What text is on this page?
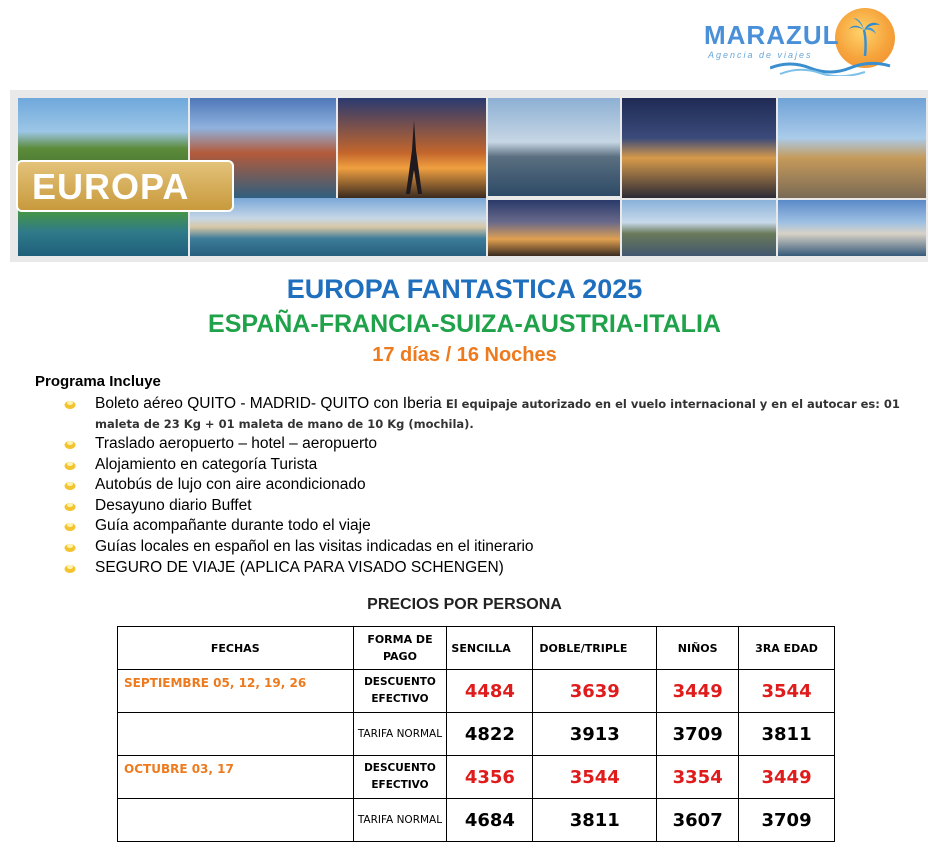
MARAZUL
Agencia de viajes
EUROPA
EUROPA FANTASTICA 2025
ESPAÑA-FRANCIA-SUIZA-AUSTRIA-ITALIA
17 días / 16 Noches
Programa Incluye
Boleto aéreo QUITO - MADRID- QUITO con Iberia El equipaje autorizado en el vuelo internacional y en el autocar es: 01 maleta de 23 Kg + 01 maleta de mano de 10 Kg (mochila).
Traslado aeropuerto – hotel – aeropuerto
Alojamiento en categoría Turista
Autobús de lujo con aire acondicionado
Desayuno diario Buffet
Guía acompañante durante todo el viaje
Guías locales en español en las visitas indicadas en el itinerario
SEGURO DE VIAJE (APLICA PARA VISADO SCHENGEN)
PRECIOS POR PERSONA
FECHAS	FORMA DE PAGO	SENCILLA	DOBLE/TRIPLE	NIÑOS	3RA EDAD
SEPTIEMBRE 05, 12, 19, 26	DESCUENTO EFECTIVO	4484	3639	3449	3544
	TARIFA NORMAL	4822	3913	3709	3811
OCTUBRE 03, 17	DESCUENTO EFECTIVO	4356	3544	3354	3449
	TARIFA NORMAL	4684	3811	3607	3709
